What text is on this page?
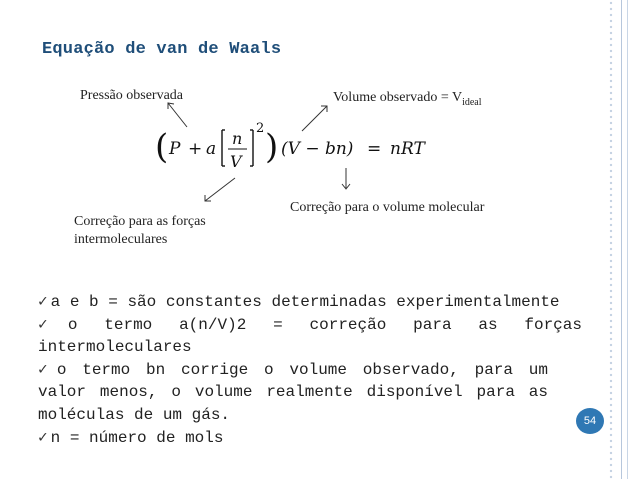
Equação de van de Waals
Pressão observada	Volume observado = $V_{ideal}$
( P + a
n
V
2 ) (V − bn) = nRT
Correção para as forças
intermoleculares
Correção para o volume molecular
✓ a e b = são constantes determinadas experimentalmente
✓ o termo a(n/V)2 = correção para as forças intermoleculares
✓ o termo bn corrige o volume observado, para um valor menos, o volume realmente disponível para as moléculas de um gás.
✓ n = número de mols
54
